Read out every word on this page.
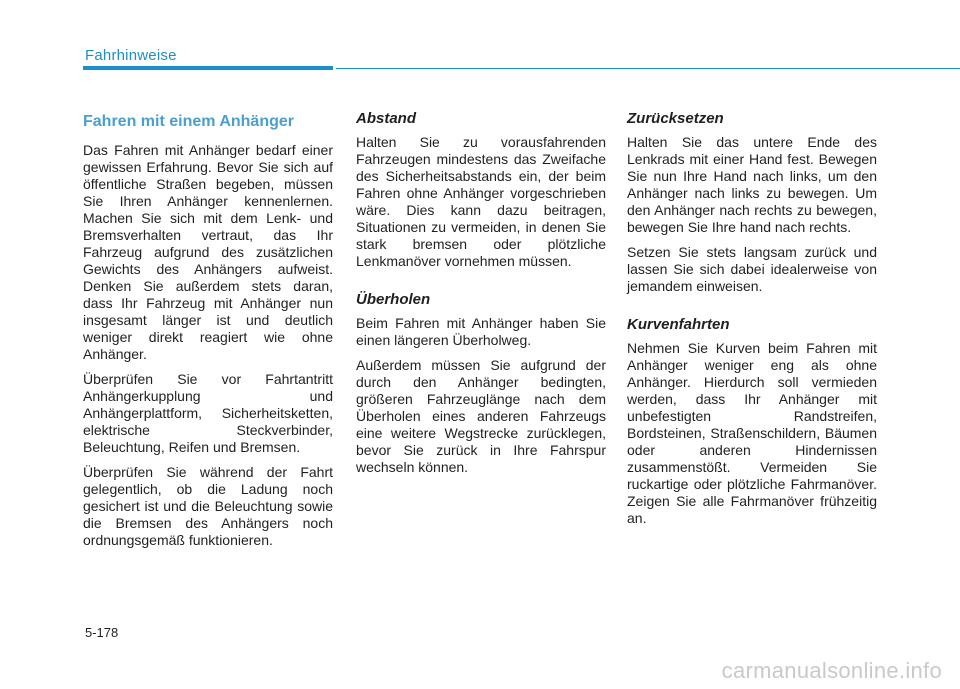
Fahrhinweise
Fahren mit einem Anhänger

Das Fahren mit Anhänger bedarf einer gewissen Erfahrung. Bevor Sie sich auf öffentliche Straßen begeben, müssen Sie Ihren Anhänger kennenlernen. Machen Sie sich mit dem Lenk- und Bremsverhalten vertraut, das Ihr Fahrzeug aufgrund des zusätzlichen Gewichts des Anhängers aufweist. Denken Sie außerdem stets daran, dass Ihr Fahrzeug mit Anhänger nun insgesamt länger ist und deutlich weniger direkt reagiert wie ohne Anhänger.

Überprüfen Sie vor Fahrtantritt Anhängerkupplung und Anhängerplattform, Sicherheitsketten, elektrische Steckverbinder, Beleuchtung, Reifen und Bremsen.

Überprüfen Sie während der Fahrt gelegentlich, ob die Ladung noch gesichert ist und die Beleuchtung sowie die Bremsen des Anhängers noch ordnungsgemäß funktionieren.

Abstand

Halten Sie zu vorausfahrenden Fahrzeugen mindestens das Zweifache des Sicherheitsabstands ein, der beim Fahren ohne Anhänger vorgeschrieben wäre. Dies kann dazu beitragen, Situationen zu vermeiden, in denen Sie stark bremsen oder plötzliche Lenkmanöver vornehmen müssen.

Überholen

Beim Fahren mit Anhänger haben Sie einen längeren Überholweg.

Außerdem müssen Sie aufgrund der durch den Anhänger bedingten, größeren Fahrzeuglänge nach dem Überholen eines anderen Fahrzeugs eine weitere Wegstrecke zurücklegen, bevor Sie zurück in Ihre Fahrspur wechseln können.

Zurücksetzen

Halten Sie das untere Ende des Lenkrads mit einer Hand fest. Bewegen Sie nun Ihre Hand nach links, um den Anhänger nach links zu bewegen. Um den Anhänger nach rechts zu bewegen, bewegen Sie Ihre hand nach rechts.

Setzen Sie stets langsam zurück und lassen Sie sich dabei idealerweise von jemandem einweisen.

Kurvenfahrten

Nehmen Sie Kurven beim Fahren mit Anhänger weniger eng als ohne Anhänger. Hierdurch soll vermieden werden, dass Ihr Anhänger mit unbefestigten Randstreifen, Bordsteinen, Straßenschildern, Bäumen oder anderen Hindernissen zusammenstößt. Vermeiden Sie ruckartige oder plötzliche Fahrmanöver. Zeigen Sie alle Fahrmanöver frühzeitig an.

5-178
carmanualsonline.info
